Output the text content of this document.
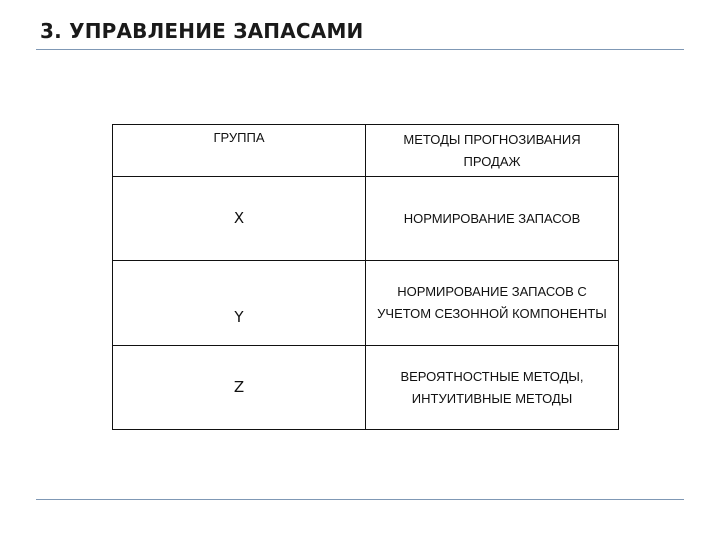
3. УПРАВЛЕНИЕ ЗАПАСАМИ
ГРУППА	МЕТОДЫ ПРОГНОЗИВАНИЯ ПРОДАЖ
X	НОРМИРОВАНИЕ ЗАПАСОВ
Y	НОРМИРОВАНИЕ ЗАПАСОВ С УЧЕТОМ СЕЗОННОЙ КОМПОНЕНТЫ
Z	ВЕРОЯТНОСТНЫЕ МЕТОДЫ, ИНТУИТИВНЫЕ МЕТОДЫ
